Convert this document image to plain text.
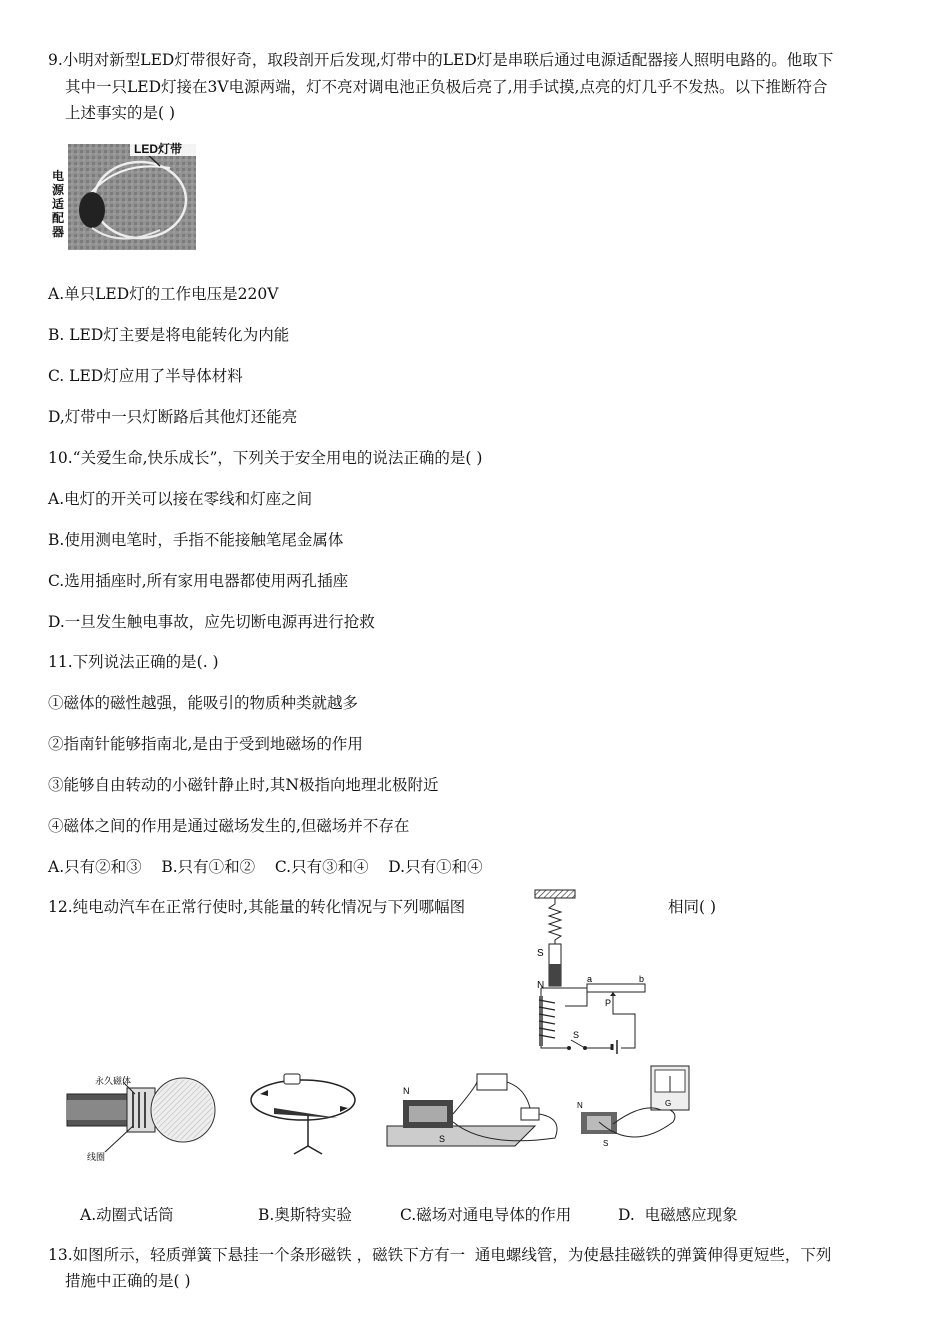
9.小明对新型LED灯带很好奇，取段剖开后发现,灯带中的LED灯是串联后通过电源适配器接人照明电路的。他取下
其中一只LED灯接在3V电源两端，灯不亮对调电池正负极后亮了,用手试摸,点亮的灯几乎不发热。以下推断符合
上述事实的是( )
LED灯带
电源适配器
A.单只LED灯的工作电压是220V
B. LED灯主要是将电能转化为内能
C. LED灯应用了半导体材料
D,灯带中一只灯断路后其他灯还能亮
10.“关爱生命,快乐成长”，下列关于安全用电的说法正确的是( )
A.电灯的开关可以接在零线和灯座之间
B.使用测电笔时，手指不能接触笔尾金属体
C.选用插座时,所有家用电器都使用两孔插座
D.一旦发生触电事故，应先切断电源再进行抢救
11.下列说法正确的是(. )
①磁体的磁性越强，能吸引的物质种类就越多
②指南针能够指南北,是由于受到地磁场的作用
③能够自由转动的小磁针静止时,其N极指向地理北极附近
④磁体之间的作用是通过磁场发生的,但磁场并不存在
A.只有②和③    B.只有①和②    C.只有③和④    D.只有①和④
12.纯电动汽车在正常行使时,其能量的转化情况与下列哪幅图	相同( )
S
N
a	b
P
S
永久磁体
线圈
N
S
G
N
S
A.动圈式话筒	B.奥斯特实验	C.磁场对通电导体的作用	D.  电磁感应现象
13.如图所示，轻质弹簧下悬挂一个条形磁铁 ，磁铁下方有一  通电螺线管，为使悬挂磁铁的弹簧伸得更短些，下列
措施中正确的是( )
